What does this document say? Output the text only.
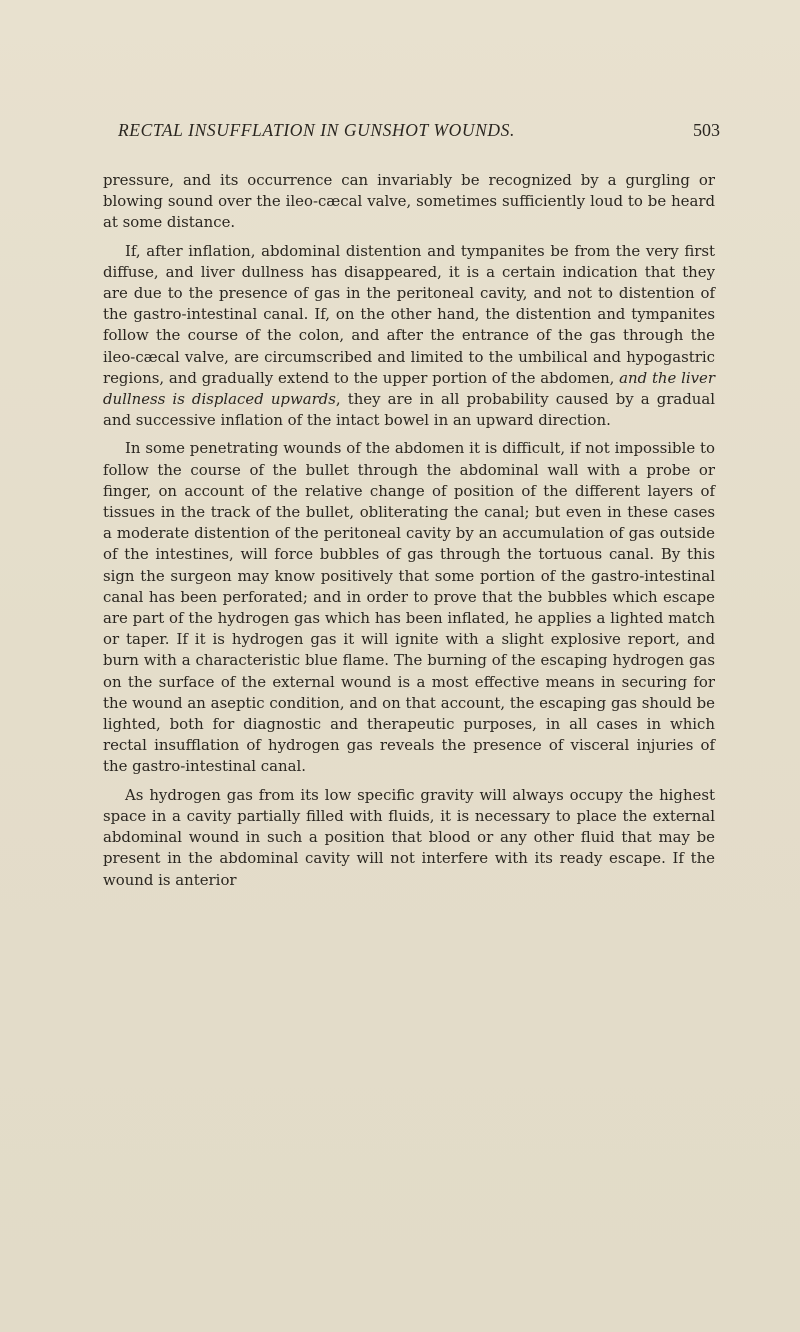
RECTAL INSUFFLATION IN GUNSHOT WOUNDS.	503

pressure, and its occurrence can invariably be recognized by a gurgling or blowing sound over the ileo-cæcal valve, sometimes sufficiently loud to be heard at some distance.

If, after inflation, abdominal distention and tympanites be from the very first diffuse, and liver dullness has disappeared, it is a certain indication that they are due to the presence of gas in the peritoneal cavity, and not to distention of the gastro-intestinal canal. If, on the other hand, the distention and tympanites follow the course of the colon, and after the entrance of the gas through the ileo-cæcal valve, are circumscribed and limited to the umbilical and hypogastric regions, and gradually extend to the upper portion of the abdomen, and the liver dullness is displaced upwards, they are in all probability caused by a gradual and successive inflation of the intact bowel in an upward direction.

In some penetrating wounds of the abdomen it is difficult, if not impossible to follow the course of the bullet through the abdominal wall with a probe or finger, on account of the relative change of position of the different layers of tissues in the track of the bullet, obliterating the canal; but even in these cases a moderate distention of the peritoneal cavity by an accumulation of gas outside of the intestines, will force bubbles of gas through the tortuous canal. By this sign the surgeon may know positively that some portion of the gastro-intestinal canal has been perforated; and in order to prove that the bubbles which escape are part of the hydrogen gas which has been inflated, he applies a lighted match or taper. If it is hydrogen gas it will ignite with a slight explosive report, and burn with a characteristic blue flame. The burning of the escaping hydrogen gas on the surface of the external wound is a most effective means in securing for the wound an aseptic condition, and on that account, the escaping gas should be lighted, both for diagnostic and therapeutic purposes, in all cases in which rectal insufflation of hydrogen gas reveals the presence of visceral injuries of the gastro-intestinal canal.

As hydrogen gas from its low specific gravity will always occupy the highest space in a cavity partially filled with fluids, it is necessary to place the external abdominal wound in such a position that blood or any other fluid that may be present in the abdominal cavity will not interfere with its ready escape. If the wound is anterior
